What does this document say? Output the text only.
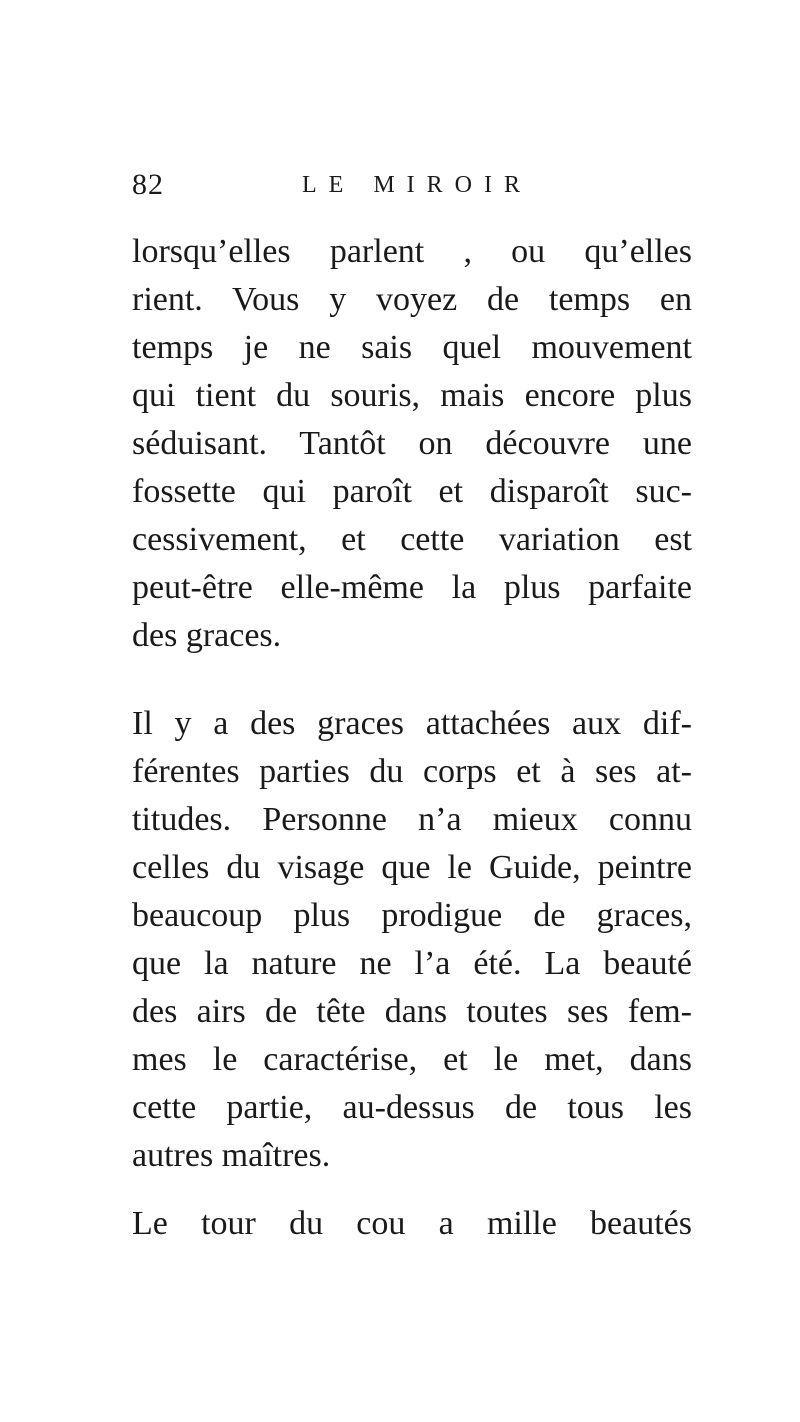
82	LE MIROIR
lorsqu’elles parlent , ou qu’elles
rient. Vous y voyez de temps en
temps je ne sais quel mouvement
qui tient du souris, mais encore plus
séduisant. Tantôt on découvre une
fossette qui paroît et disparoît suc-
cessivement, et cette variation est
peut-être elle-même la plus parfaite
des graces.
Il y a des graces attachées aux dif-
férentes parties du corps et à ses at-
titudes. Personne n’a mieux connu
celles du visage que le Guide, peintre
beaucoup plus prodigue de graces,
que la nature ne l’a été. La beauté
des airs de tête dans toutes ses fem-
mes le caractérise, et le met, dans
cette partie, au-dessus de tous les
autres maîtres.
Le tour du cou a mille beautés
